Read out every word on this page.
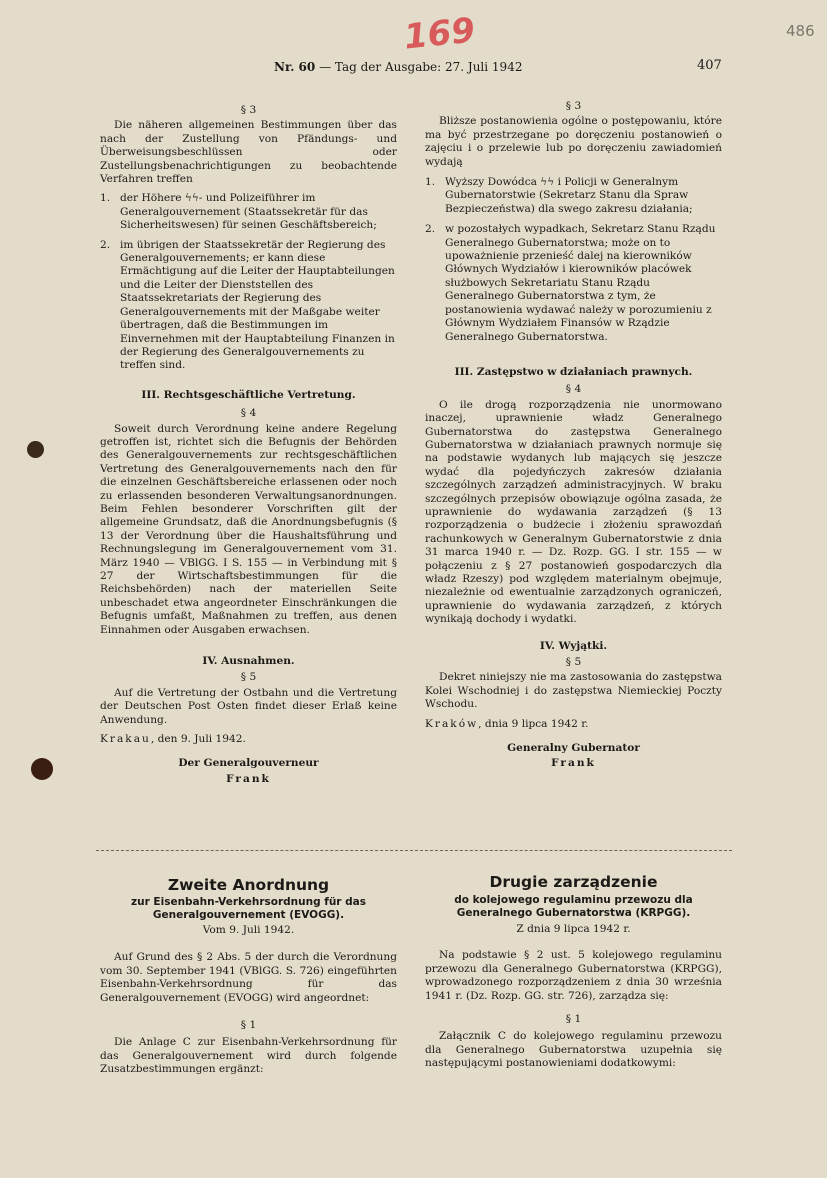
169	486
Nr. 60 — Tag der Ausgabe: 27. Juli 1942	407

§ 3

Die näheren allgemeinen Bestimmungen über das nach der Zustellung von Pfändungs- und Überweisungsbeschlüssen oder Zustellungsbenachrichtigungen zu beobachtende Verfahren treffen

1. der Höhere ϟϟ- und Polizeiführer im Generalgouvernement (Staatssekretär für das Sicherheitswesen) für seinen Geschäftsbereich;
2. im übrigen der Staatssekretär der Regierung des Generalgouvernements; er kann diese Ermächtigung auf die Leiter der Hauptabteilungen und die Leiter der Dienststellen des Staatssekretariats der Regierung des Generalgouvernements mit der Maßgabe weiter übertragen, daß die Bestimmungen im Einvernehmen mit der Hauptabteilung Finanzen in der Regierung des Generalgouvernements zu treffen sind.

III. Rechtsgeschäftliche Vertretung.

§ 4

Soweit durch Verordnung keine andere Regelung getroffen ist, richtet sich die Befugnis der Behörden des Generalgouvernements zur rechtsgeschäftlichen Vertretung des Generalgouvernements nach den für die einzelnen Geschäftsbereiche erlassenen oder noch zu erlassenden besonderen Verwaltungsanordnungen. Beim Fehlen besonderer Vorschriften gilt der allgemeine Grundsatz, daß die Anordnungsbefugnis (§ 13 der Verordnung über die Haushaltsführung und Rechnungslegung im Generalgouvernement vom 31. März 1940 — VBlGG. I S. 155 — in Verbindung mit § 27 der Wirtschaftsbestimmungen für die Reichsbehörden) nach der materiellen Seite unbeschadet etwa angeordneter Einschränkungen die Befugnis umfaßt, Maßnahmen zu treffen, aus denen Einnahmen oder Ausgaben erwachsen.

IV. Ausnahmen.

§ 5

Auf die Vertretung der Ostbahn und die Vertretung der Deutschen Post Osten findet dieser Erlaß keine Anwendung.

Krakau, den 9. Juli 1942.

Der Generalgouverneur

Frank

§ 3

Bliższe postanowienia ogólne o postępowaniu, które ma być przestrzegane po doręczeniu postanowień o zajęciu i o przelewie lub po doręczeniu zawiadomień wydają

1. Wyższy Dowódca ϟϟ i Policji w Generalnym Gubernatorstwie (Sekretarz Stanu dla Spraw Bezpieczeństwa) dla swego zakresu działania;
2. w pozostałych wypadkach, Sekretarz Stanu Rządu Generalnego Gubernatorstwa; może on to upoważnienie przenieść dalej na kierowników Głównych Wydziałów i kierowników placówek służbowych Sekretariatu Stanu Rządu Generalnego Gubernatorstwa z tym, że postanowienia wydawać należy w porozumieniu z Głównym Wydziałem Finansów w Rządzie Generalnego Gubernatorstwa.

III. Zastępstwo w działaniach prawnych.

§ 4

O ile drogą rozporządzenia nie unormowano inaczej, uprawnienie władz Generalnego Gubernatorstwa do zastępstwa Generalnego Gubernatorstwa w działaniach prawnych normuje się na podstawie wydanych lub mających się jeszcze wydać dla pojedyńczych zakresów działania szczególnych zarządzeń administracyjnych. W braku szczególnych przepisów obowiązuje ogólna zasada, że uprawnienie do wydawania zarządzeń (§ 13 rozporządzenia o budżecie i złożeniu sprawozdań rachunkowych w Generalnym Gubernatorstwie z dnia 31 marca 1940 r. — Dz. Rozp. GG. I str. 155 — w połączeniu z § 27 postanowień gospodarczych dla władz Rzeszy) pod względem materialnym obejmuje, niezależnie od ewentualnie zarządzonych ograniczeń, uprawnienie do wydawania zarządzeń, z których wynikają dochody i wydatki.

IV. Wyjątki.

§ 5

Dekret niniejszy nie ma zastosowania do zastępstwa Kolei Wschodniej i do zastępstwa Niemieckiej Poczty Wschodu.

Kraków, dnia 9 lipca 1942 r.

Generalny Gubernator

Frank

Zweite Anordnung

zur Eisenbahn-Verkehrsordnung für das Generalgouvernement (EVOGG).

Vom 9. Juli 1942.

Auf Grund des § 2 Abs. 5 der durch die Verordnung vom 30. September 1941 (VBlGG. S. 726) eingeführten Eisenbahn-Verkehrsordnung für das Generalgouvernement (EVOGG) wird angeordnet:

§ 1

Die Anlage C zur Eisenbahn-Verkehrsordnung für das Generalgouvernement wird durch folgende Zusatzbestimmungen ergänzt:

Drugie zarządzenie

do kolejowego regulaminu przewozu dla Generalnego Gubernatorstwa (KRPGG).

Z dnia 9 lipca 1942 r.

Na podstawie § 2 ust. 5 kolejowego regulaminu przewozu dla Generalnego Gubernatorstwa (KRPGG), wprowadzonego rozporządzeniem z dnia 30 września 1941 r. (Dz. Rozp. GG. str. 726), zarządza się:

§ 1

Załącznik C do kolejowego regulaminu przewozu dla Generalnego Gubernatorstwa uzupełnia się następującymi postanowieniami dodatkowymi:
